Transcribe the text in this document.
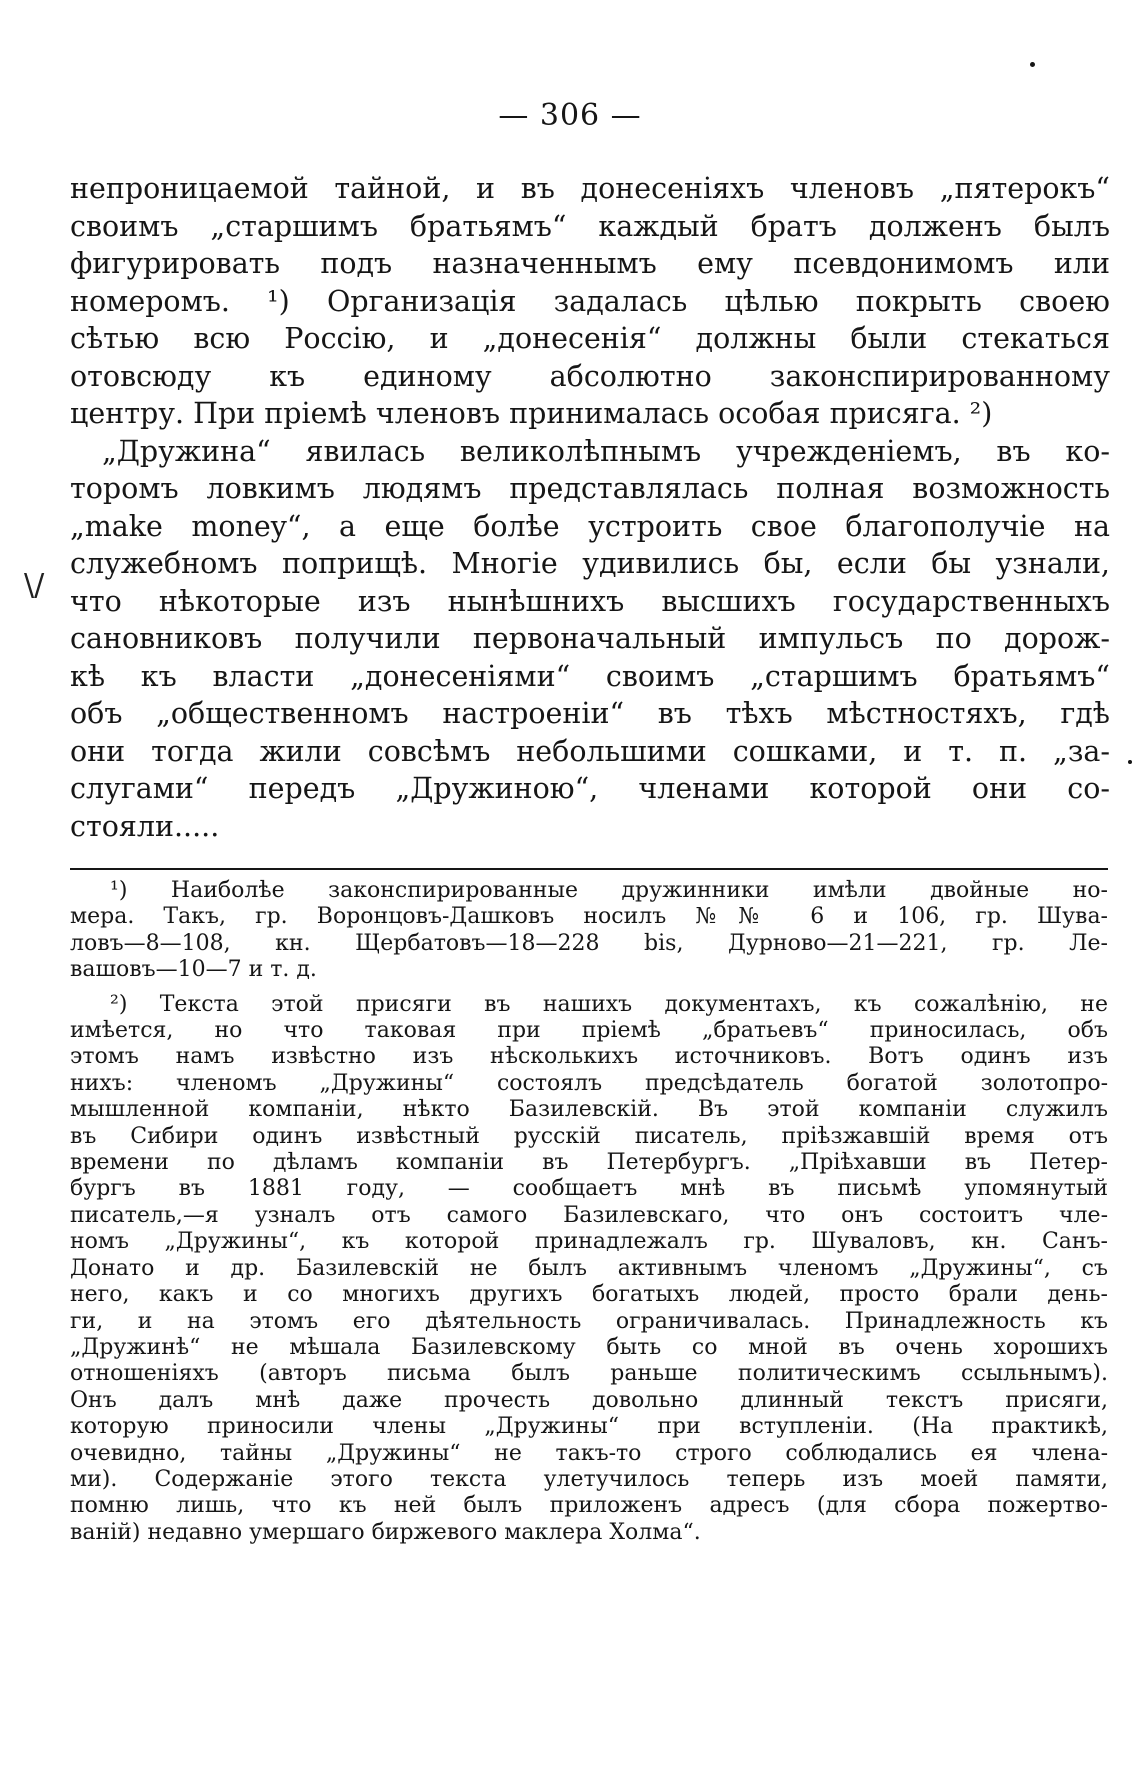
— 306 —
\/
непроницаемой тайной, и въ донесеніяхъ членовъ „пятерокъ“
своимъ „старшимъ братьямъ“ каждый братъ долженъ былъ
фигурировать подъ назначеннымъ ему псевдонимомъ или
номеромъ. ¹) Организація задалась цѣлью покрыть своею
сѣтью всю Россію, и „донесенія“ должны были стекаться
отовсюду къ единому абсолютно законспирированному
центру. При пріемѣ членовъ принималась особая присяга. ²)
„Дружина“ явилась великолѣпнымъ учрежденіемъ, въ ко-
торомъ ловкимъ людямъ представлялась полная возможность
„make money“, а еще болѣе устроить свое благополучіе на
служебномъ поприщѣ. Многіе удивились бы, если бы узнали,
что нѣкоторые изъ нынѣшнихъ высшихъ государственныхъ
сановниковъ получили первоначальный импульсъ по дорож-
кѣ къ власти „донесеніями“ своимъ „старшимъ братьямъ“
объ „общественномъ настроеніи“ въ тѣхъ мѣстностяхъ, гдѣ
они тогда жили совсѣмъ небольшими сошками, и т. п. „за-
слугами“ передъ „Дружиною“, членами которой они со-
стояли.....
¹) Наиболѣе законспирированные дружинники имѣли двойные но-
мера. Такъ, гр. Воронцовъ-Дашковъ носилъ №№ 6 и 106, гр. Шува-
ловъ—8—108, кн. Щербатовъ—18—228 bis, Дурново—21—221, гр. Ле-
вашовъ—10—7 и т. д.
²) Текста этой присяги въ нашихъ документахъ, къ сожалѣнію, не
имѣется, но что таковая при пріемѣ „братьевъ“ приносилась, объ
этомъ намъ извѣстно изъ нѣсколькихъ источниковъ. Вотъ одинъ изъ
нихъ: членомъ „Дружины“ состоялъ предсѣдатель богатой золотопро-
мышленной компаніи, нѣкто Базилевскій. Въ этой компаніи служилъ
въ Сибири одинъ извѣстный русскій писатель, пріѣзжавшій время отъ
времени по дѣламъ компаніи въ Петербургъ. „Пріѣхавши въ Петер-
бургъ въ 1881 году, — сообщаетъ мнѣ въ письмѣ упомянутый
писатель,—я узналъ отъ самого Базилевскаго, что онъ состоитъ чле-
номъ „Дружины“, къ которой принадлежалъ гр. Шуваловъ, кн. Санъ-
Донато и др. Базилевскій не былъ активнымъ членомъ „Дружины“, съ
него, какъ и со многихъ другихъ богатыхъ людей, просто брали день-
ги, и на этомъ его дѣятельность ограничивалась. Принадлежность къ
„Дружинѣ“ не мѣшала Базилевскому быть со мной въ очень хорошихъ
отношеніяхъ (авторъ письма былъ раньше политическимъ ссыльнымъ).
Онъ далъ мнѣ даже прочесть довольно длинный текстъ присяги,
которую приносили члены „Дружины“ при вступленіи. (На практикѣ,
очевидно, тайны „Дружины“ не такъ-то строго соблюдались ея члена-
ми). Содержаніе этого текста улетучилось теперь изъ моей памяти,
помню лишь, что къ ней былъ приложенъ адресъ (для сбора пожертво-
ваній) недавно умершаго биржевого маклера Холма“.
